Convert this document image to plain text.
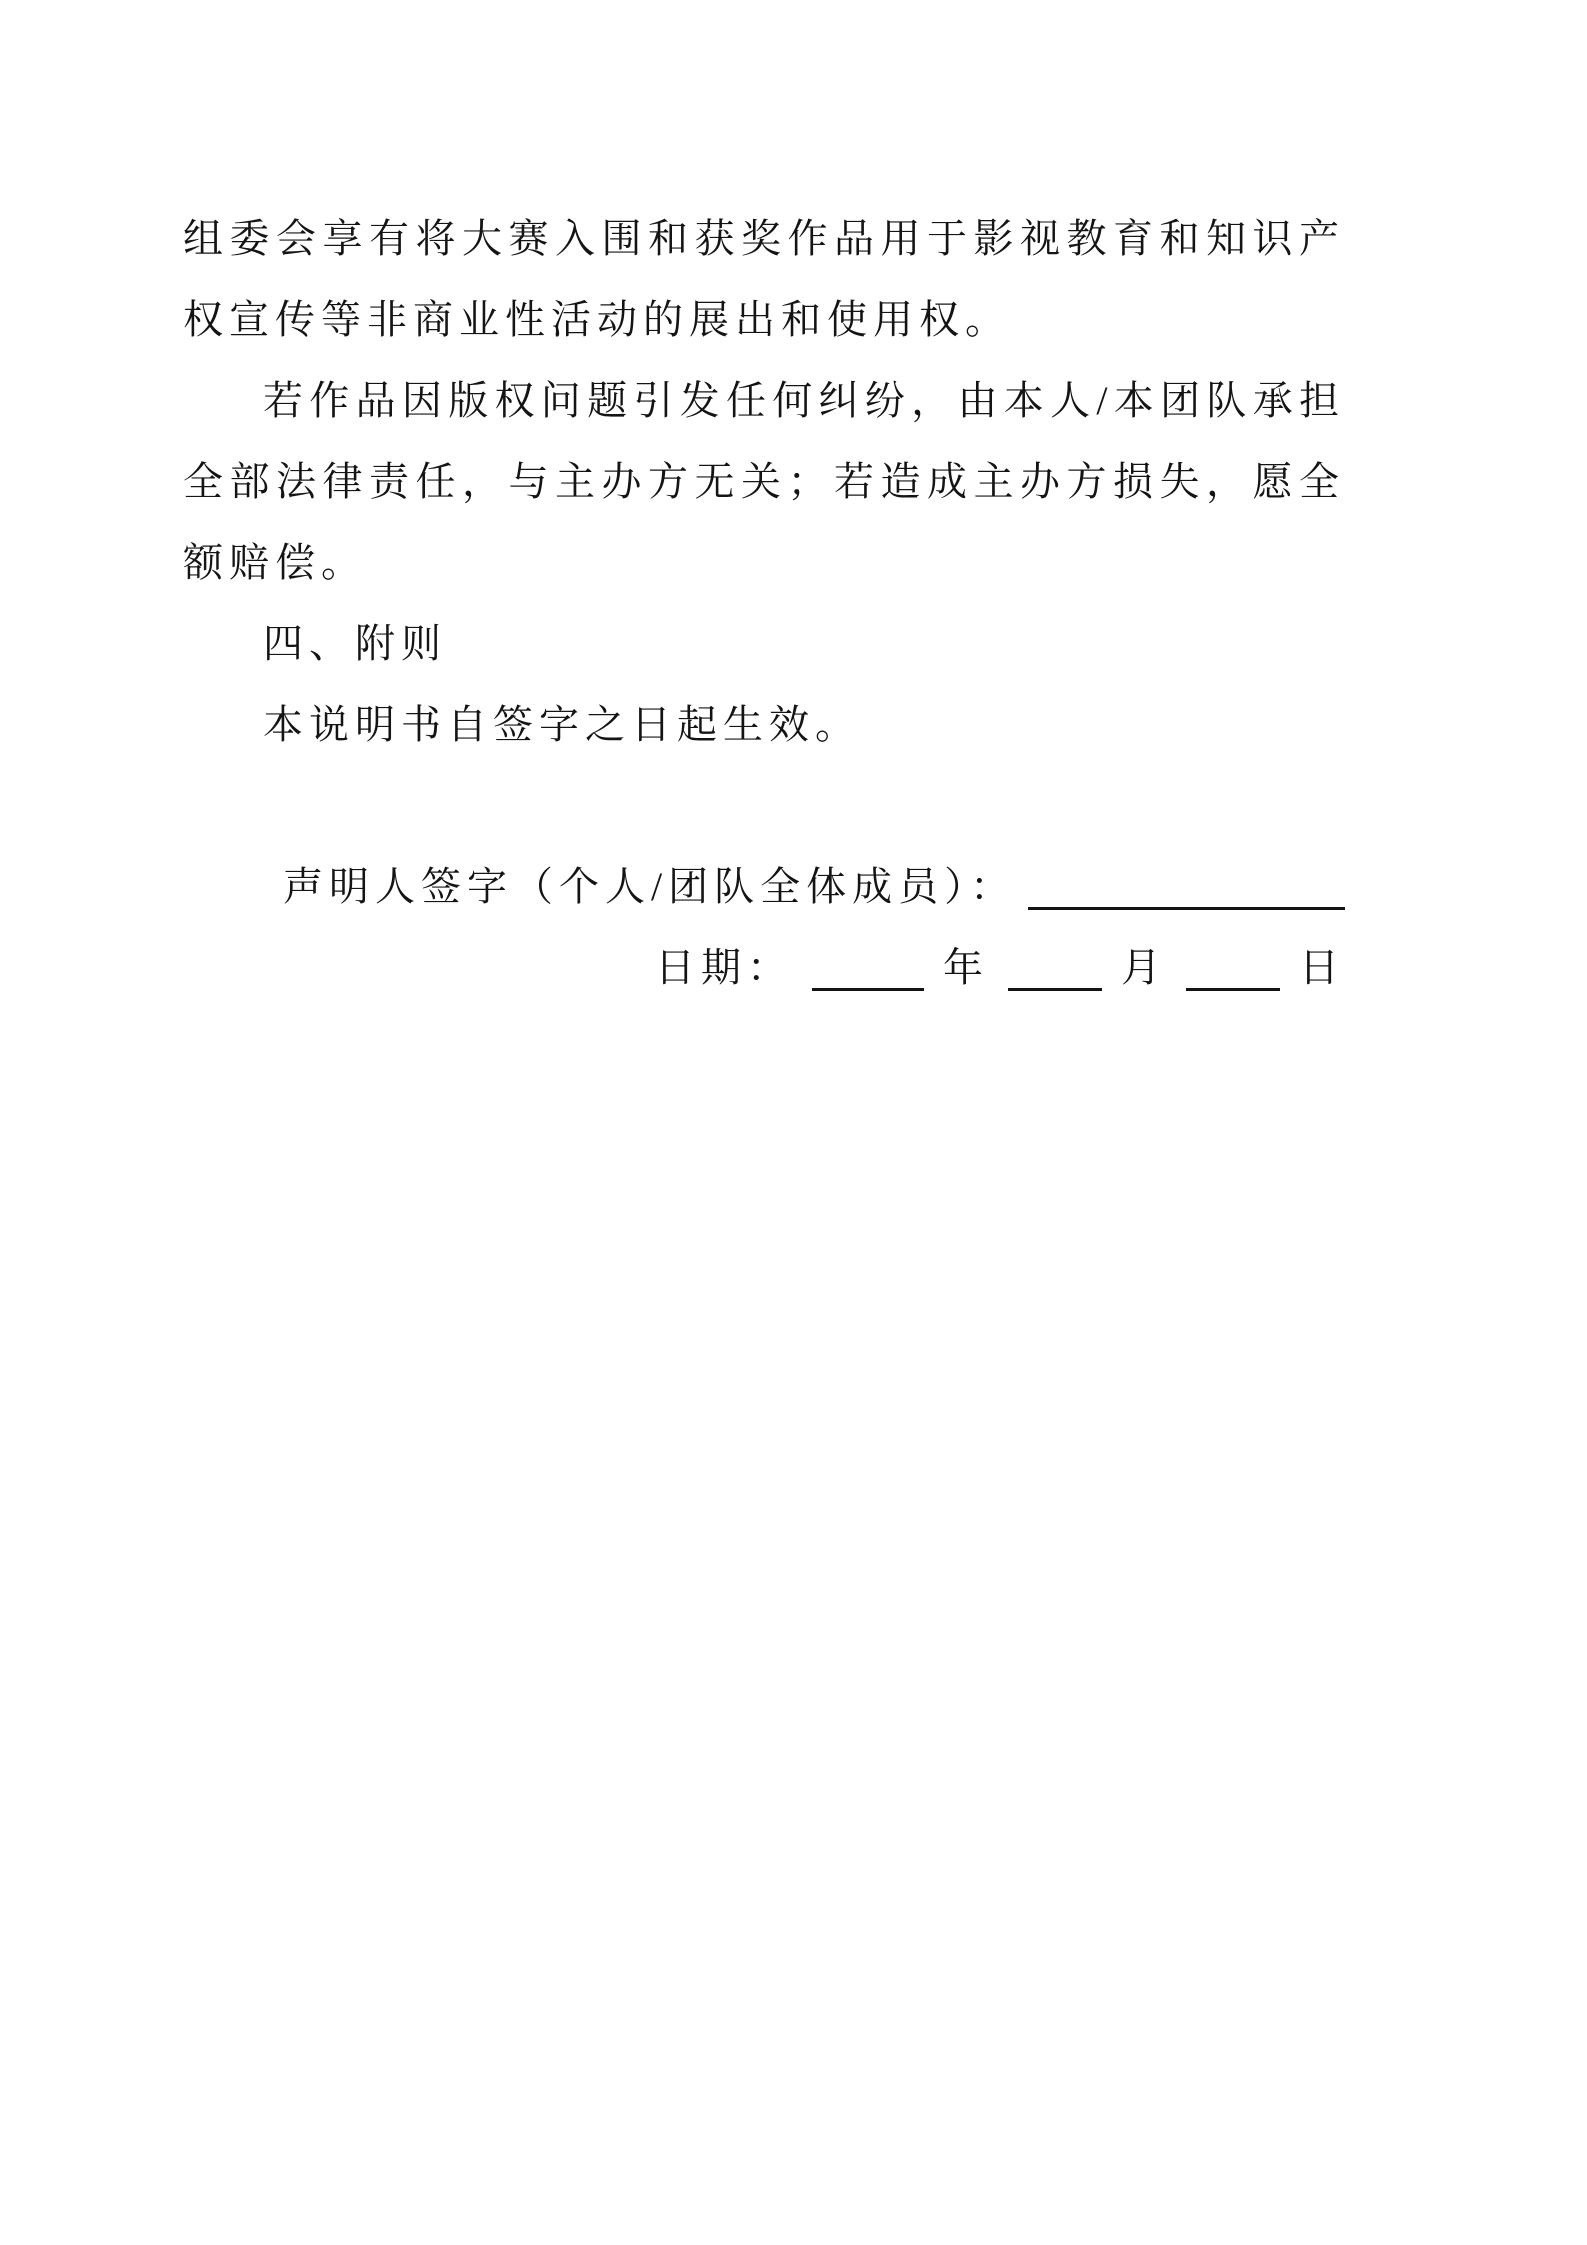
组委会享有将大赛入围和获奖作品用于影视教育和知识产权宣传等非商业性活动的展出和使用权。

若作品因版权问题引发任何纠纷，由本人/本团队承担全部法律责任，与主办方无关；若造成主办方损失，愿全额赔偿。

四、附则

本说明书自签字之日起生效。

声明人签字（个人/团队全体成员）：
日期：	年	月	日
